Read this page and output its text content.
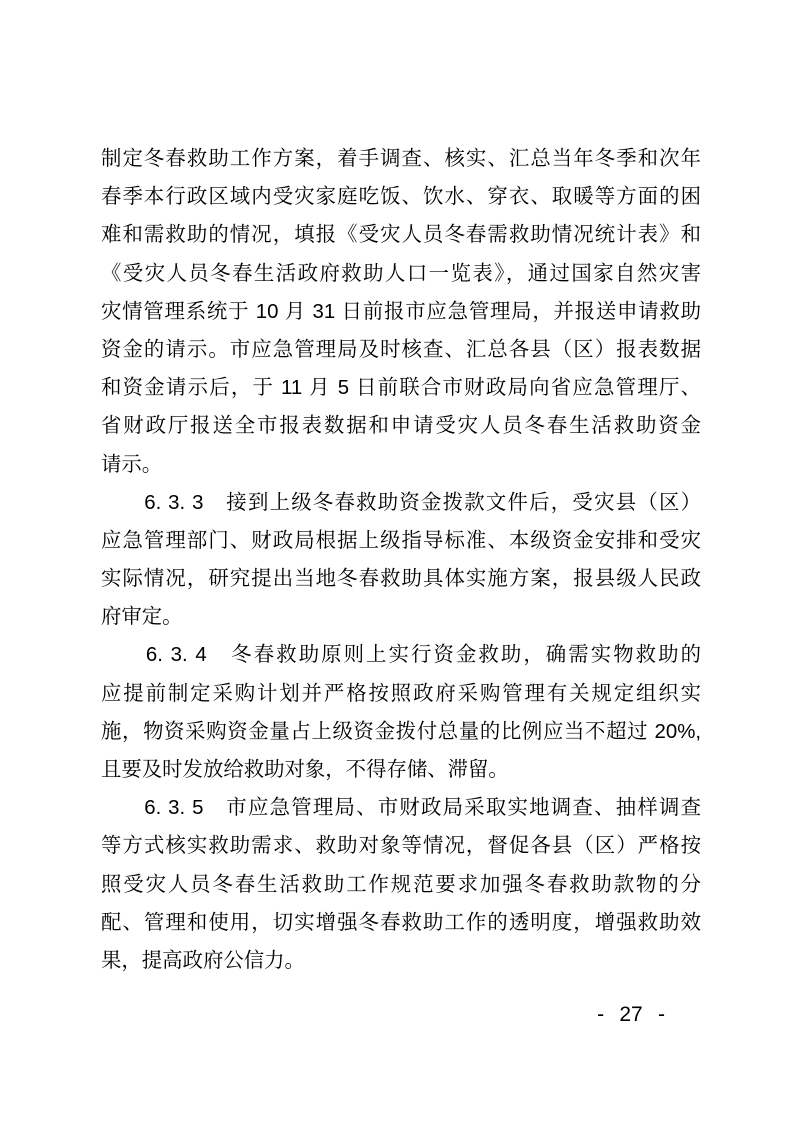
制定冬春救助工作方案，着手调查、核实、汇总当年冬季和次年
春季本行政区域内受灾家庭吃饭、饮水、穿衣、取暖等方面的困
难和需救助的情况，填报《受灾人员冬春需救助情况统计表》和
《受灾人员冬春生活政府救助人口一览表》，通过国家自然灾害
灾情管理系统于 10 月 31 日前报市应急管理局，并报送申请救助
资金的请示。市应急管理局及时核查、汇总各县（区）报表数据
和资金请示后，于 11 月 5 日前联合市财政局向省应急管理厅、
省财政厅报送全市报表数据和申请受灾人员冬春生活救助资金
请示。
　　6. 3. 3　接到上级冬春救助资金拨款文件后，受灾县（区）
应急管理部门、财政局根据上级指导标准、本级资金安排和受灾
实际情况，研究提出当地冬春救助具体实施方案，报县级人民政
府审定。
　　6. 3. 4　冬春救助原则上实行资金救助，确需实物救助的
应提前制定采购计划并严格按照政府采购管理有关规定组织实
施，物资采购资金量占上级资金拨付总量的比例应当不超过 20%,
且要及时发放给救助对象，不得存储、滞留。
　　6. 3. 5　市应急管理局、市财政局采取实地调查、抽样调查
等方式核实救助需求、救助对象等情况，督促各县（区）严格按
照受灾人员冬春生活救助工作规范要求加强冬春救助款物的分
配、管理和使用，切实增强冬春救助工作的透明度，增强救助效
果，提高政府公信力。
- 27 -
